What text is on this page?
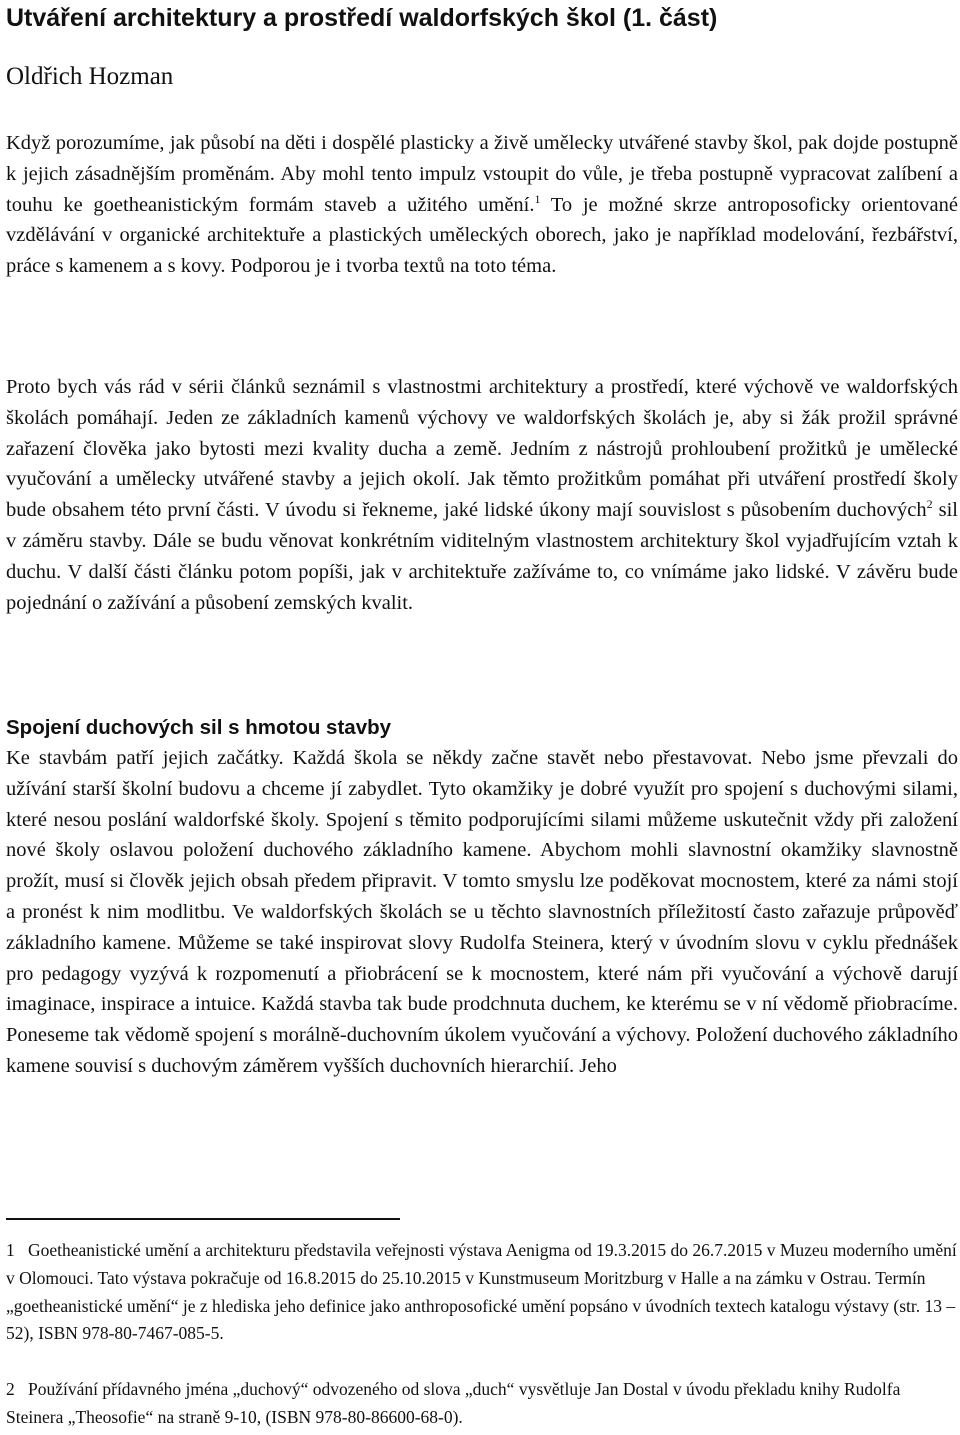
Utváření architektury a prostředí waldorfských škol (1. část)
Oldřich Hozman

Když porozumíme, jak působí na děti i dospělé plasticky a živě umělecky utvářené stavby škol, pak dojde postupně k jejich zásadnějším proměnám. Aby mohl tento impulz vstoupit do vůle, je třeba postupně vypracovat zalíbení a touhu ke goetheanistickým formám staveb a užitého umění.$^1$ To je možné skrze antroposoficky orientované vzdělávání v organické architektuře a plastických uměleckých oborech, jako je například modelování, řezbářství, práce s kamenem a s kovy. Podporou je i tvorba textů na toto téma.

Proto bych vás rád v sérii článků seznámil s vlastnostmi architektury a prostředí, které výchově ve waldorfských školách pomáhají. Jeden ze základních kamenů výchovy ve waldorfských školách je, aby si žák prožil správné zařazení člověka jako bytosti mezi kvality ducha a země. Jedním z nástrojů prohloubení prožitků je umělecké vyučování a umělecky utvářené stavby a jejich okolí. Jak těmto prožitkům pomáhat při utváření prostředí školy bude obsahem této první části. V úvodu si řekneme, jaké lidské úkony mají souvislost s působením duchových$^2$ sil v záměru stavby. Dále se budu věnovat konkrétním viditelným vlastnostem architektury škol vyjadřujícím vztah k duchu. V další části článku potom popíši, jak v architektuře zažíváme to, co vnímáme jako lidské. V závěru bude pojednání o zažívání a působení zemských kvalit.

Spojení duchových sil s hmotou stavby

Ke stavbám patří jejich začátky. Každá škola se někdy začne stavět nebo přestavovat. Nebo jsme převzali do užívání starší školní budovu a chceme jí zabydlet. Tyto okamžiky je dobré využít pro spojení s duchovými silami, které nesou poslání waldorfské školy. Spojení s těmito podporujícími silami můžeme uskutečnit vždy při založení nové školy oslavou položení duchového základního kamene. Abychom mohli slavnostní okamžiky slavnostně prožít, musí si člověk jejich obsah předem připravit. V tomto smyslu lze poděkovat mocnostem, které za námi stojí a pronést k nim modlitbu. Ve waldorfských školách se u těchto slavnostních příležitostí často zařazuje průpověď základního kamene. Můžeme se také inspirovat slovy Rudolfa Steinera, který v úvodním slovu v cyklu přednášek pro pedagogy vyzývá k rozpomenutí a přiobrácení se k mocnostem, které nám při vyučování a výchově darují imaginace, inspirace a intuice. Každá stavba tak bude prodchnuta duchem, ke kterému se v ní vědomě přiobracíme. Poneseme tak vědomě spojení s morálně-duchovním úkolem vyučování a výchovy. Položení duchového základního kamene souvisí s duchovým záměrem vyšších duchovních hierarchií. Jeho

1 Goetheanistické umění a architekturu představila veřejnosti výstava Aenigma od 19.3.2015 do 26.7.2015 v Muzeu moderního umění v Olomouci. Tato výstava pokračuje od 16.8.2015 do 25.10.2015 v Kunstmuseum Moritzburg v Halle a na zámku v Ostrau. Termín „goetheanistické umění“ je z hlediska jeho definice jako anthroposofické umění popsáno v úvodních textech katalogu výstavy (str. 13 – 52), ISBN 978-80-7467-085-5.

2 Používání přídavného jména „duchový“ odvozeného od slova „duch“ vysvětluje Jan Dostal v úvodu překladu knihy Rudolfa Steinera „Theosofie“ na straně 9-10, (ISBN 978-80-86600-68-0).
